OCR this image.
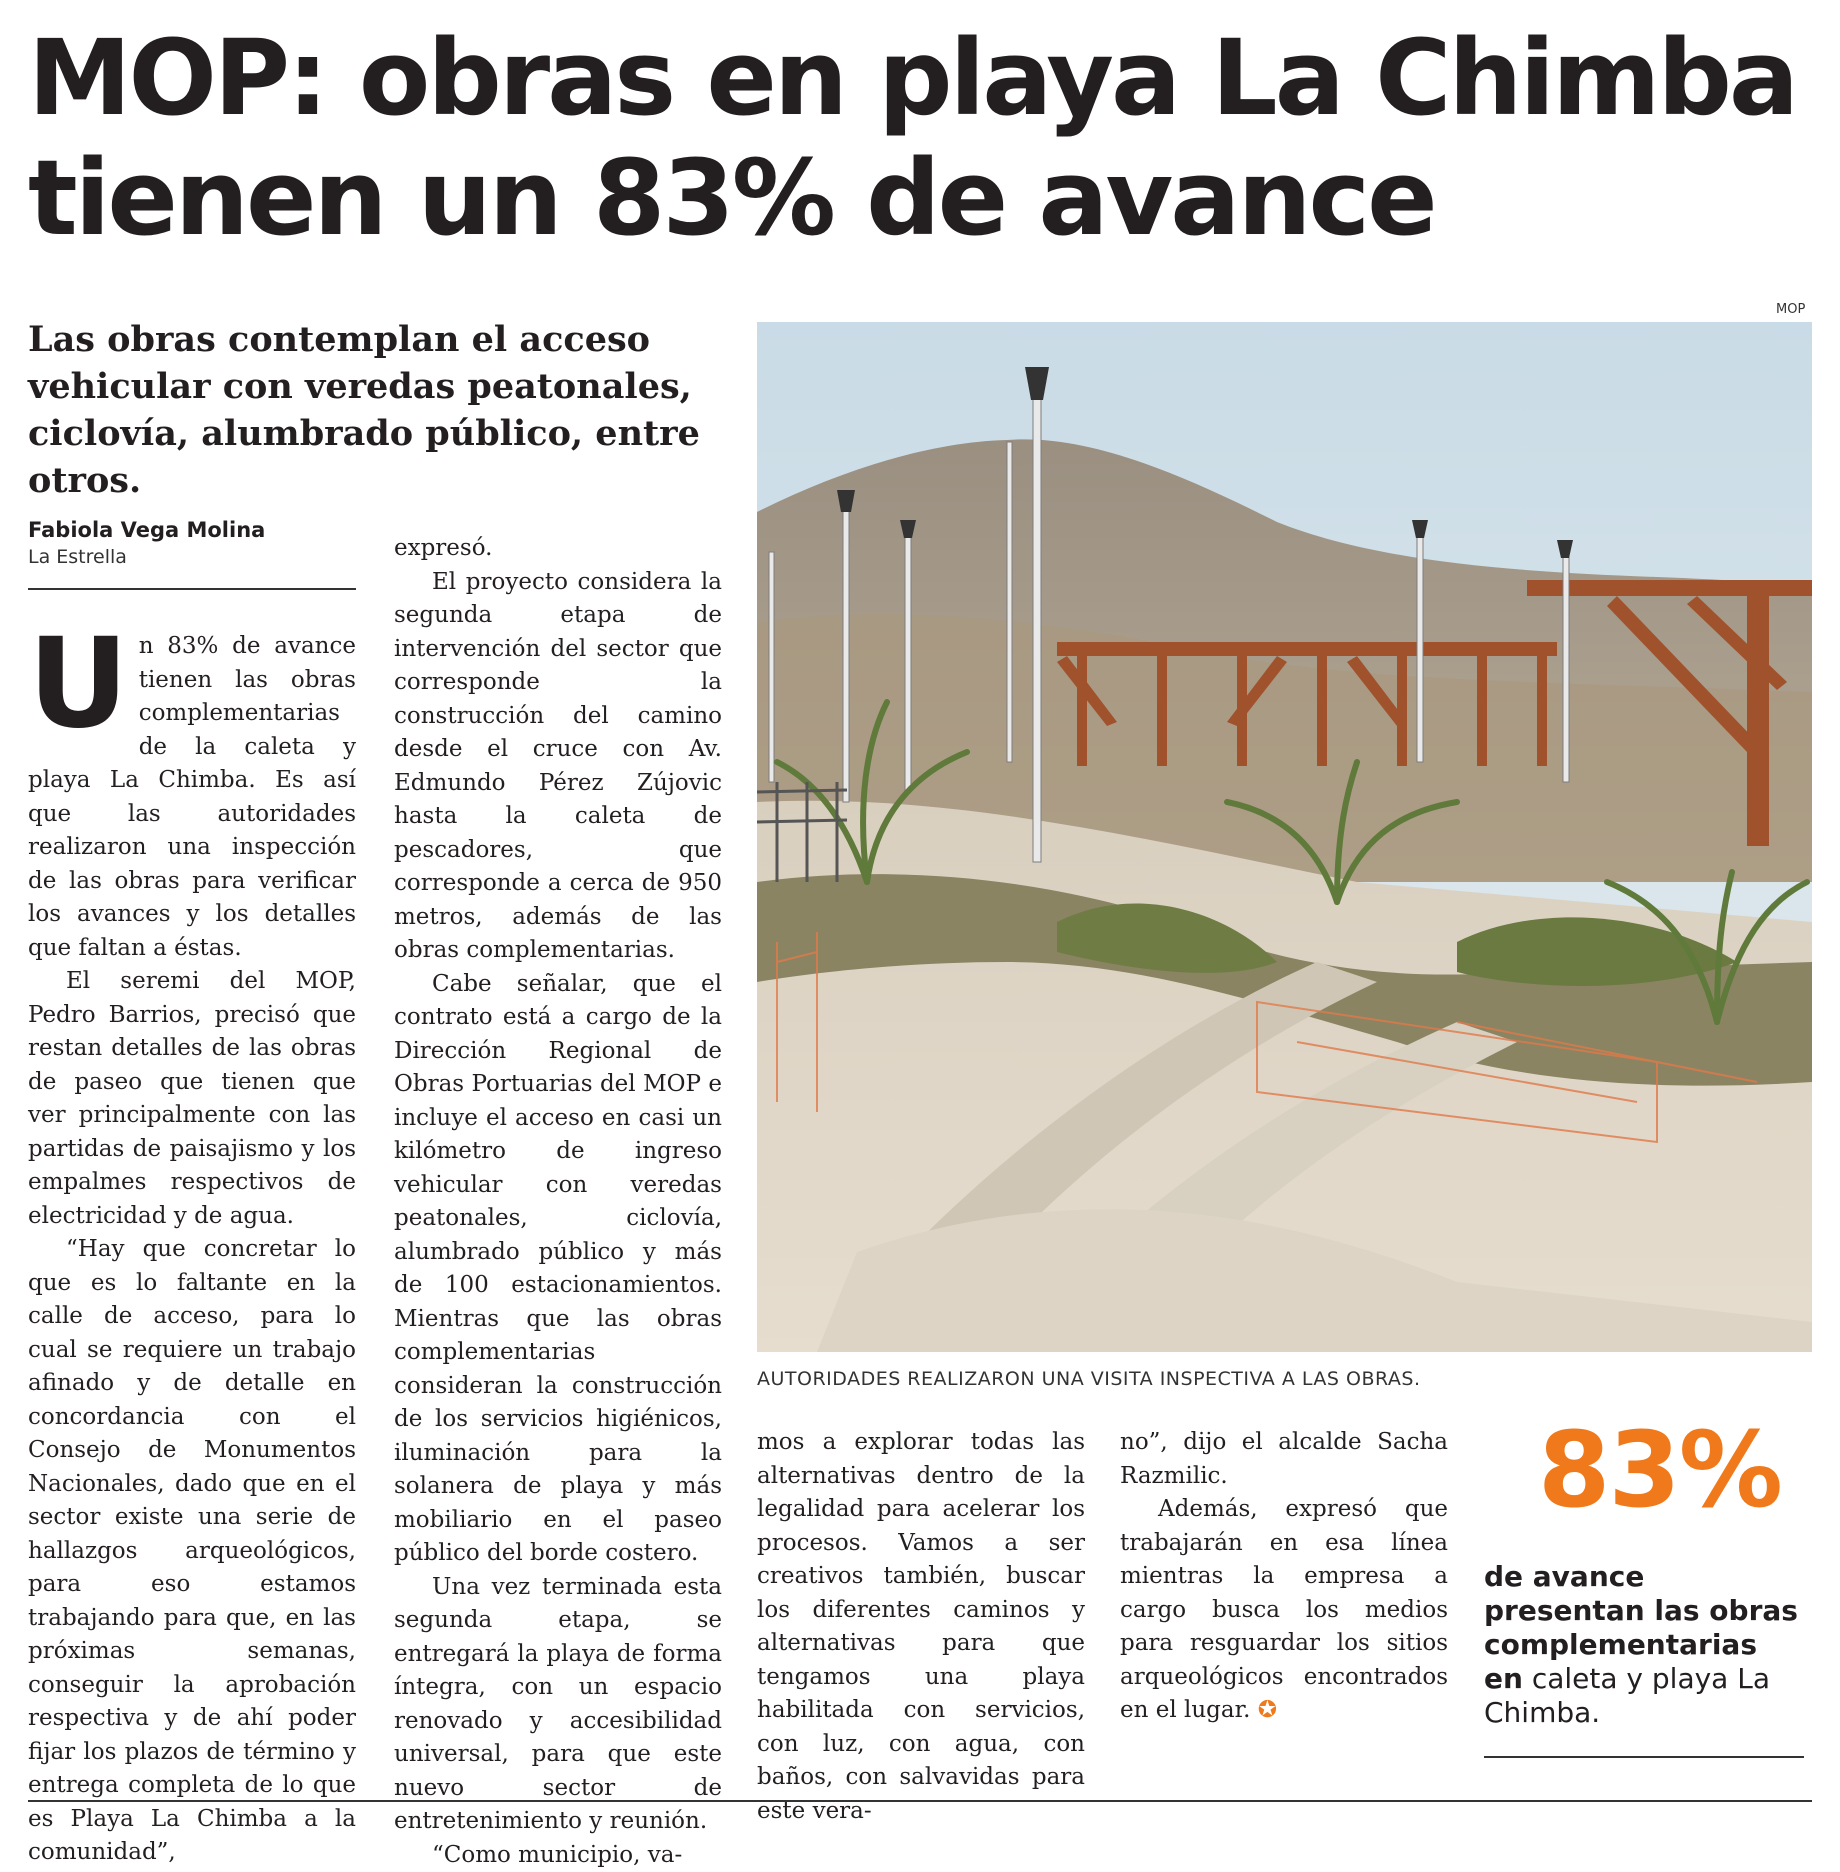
MOP: obras en playa La Chimba tienen un 83% de avance

Las obras contemplan el acceso vehicular con veredas peatonales, ciclovía, alumbrado público, entre otros.

Fabiola Vega Molina
La Estrella

Un 83% de avance tienen las obras complementarias de la caleta y playa La Chimba. Es así que las autoridades realizaron una inspección de las obras para verificar los avances y los detalles que faltan a éstas.

El seremi del MOP, Pedro Barrios, precisó que restan detalles de las obras de paseo que tienen que ver principalmente con las partidas de paisajismo y los empalmes respectivos de electricidad y de agua.

“Hay que concretar lo que es lo faltante en la calle de acceso, para lo cual se requiere un trabajo afinado y de detalle en concordancia con el Consejo de Monumentos Nacionales, dado que en el sector existe una serie de hallazgos arqueológicos, para eso estamos trabajando para que, en las próximas semanas, conseguir la aprobación respectiva y de ahí poder fijar los plazos de término y entrega completa de lo que es Playa La Chimba a la comunidad”,

expresó.

El proyecto considera la segunda etapa de intervención del sector que corresponde la construcción del camino desde el cruce con Av. Edmundo Pérez Zújovic hasta la caleta de pescadores, que corresponde a cerca de 950 metros, además de las obras complementarias.

Cabe señalar, que el contrato está a cargo de la Dirección Regional de Obras Portuarias del MOP e incluye el acceso en casi un kilómetro de ingreso vehicular con veredas peatonales, ciclovía, alumbrado público y más de 100 estacionamientos. Mientras que las obras complementarias consideran la construcción de los servicios higiénicos, iluminación para la solanera de playa y más mobiliario en el paseo público del borde costero.

Una vez terminada esta segunda etapa, se entregará la playa de forma íntegra, con un espacio renovado y accesibilidad universal, para que este nuevo sector de entretenimiento y reunión.

“Como municipio, va-

MOP
AUTORIDADES REALIZARON UNA VISITA INSPECTIVA A LAS OBRAS.

mos a explorar todas las alternativas dentro de la legalidad para acelerar los procesos. Vamos a ser creativos también, buscar los diferentes caminos y alternativas para que tengamos una playa habilitada con servicios, con luz, con agua, con baños, con salvavidas para este vera-

no”, dijo el alcalde Sacha Razmilic.

Además, expresó que trabajarán en esa línea mientras la empresa a cargo busca los medios para resguardar los sitios arqueológicos encontrados en el lugar. ✪

83%

de avance presentan las obras complementarias en caleta y playa La Chimba.
